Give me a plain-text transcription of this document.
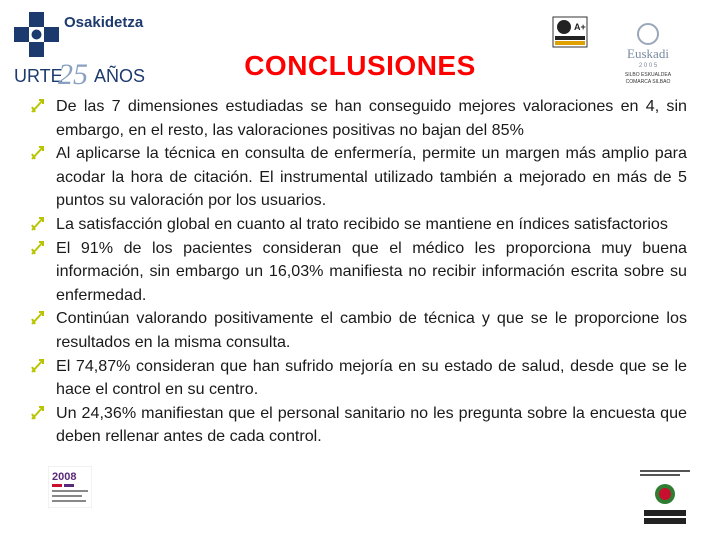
Osakidetza
URTE
25 AÑOS	CONCLUSIONES
A+
Euskadi
2 0 0 5
SILBO ESKUALDEA
COMARCA SILBAO
De las 7 dimensiones estudiadas se han conseguido mejores valoraciones en 4, sin embargo, en el resto, las valoraciones positivas no bajan del 85%
Al aplicarse la técnica en consulta de enfermería, permite un margen más amplio para acodar la hora de citación. El instrumental utilizado también a mejorado en más de 5 puntos su valoración por los usuarios.
La satisfacción global en cuanto al trato recibido se mantiene en índices satisfactorios
El 91% de los pacientes consideran que el médico les proporciona muy buena información, sin embargo un 16,03% manifiesta no recibir información escrita sobre su enfermedad.
Continúan valorando positivamente el cambio de técnica y que se le proporcione los resultados en la misma consulta.
El 74,87% consideran que han sufrido mejoría en su estado de salud, desde que se le hace el control en su centro.
Un 24,36% manifiestan que el personal sanitario no les pregunta sobre la encuesta que deben rellenar antes de cada control.
2008
